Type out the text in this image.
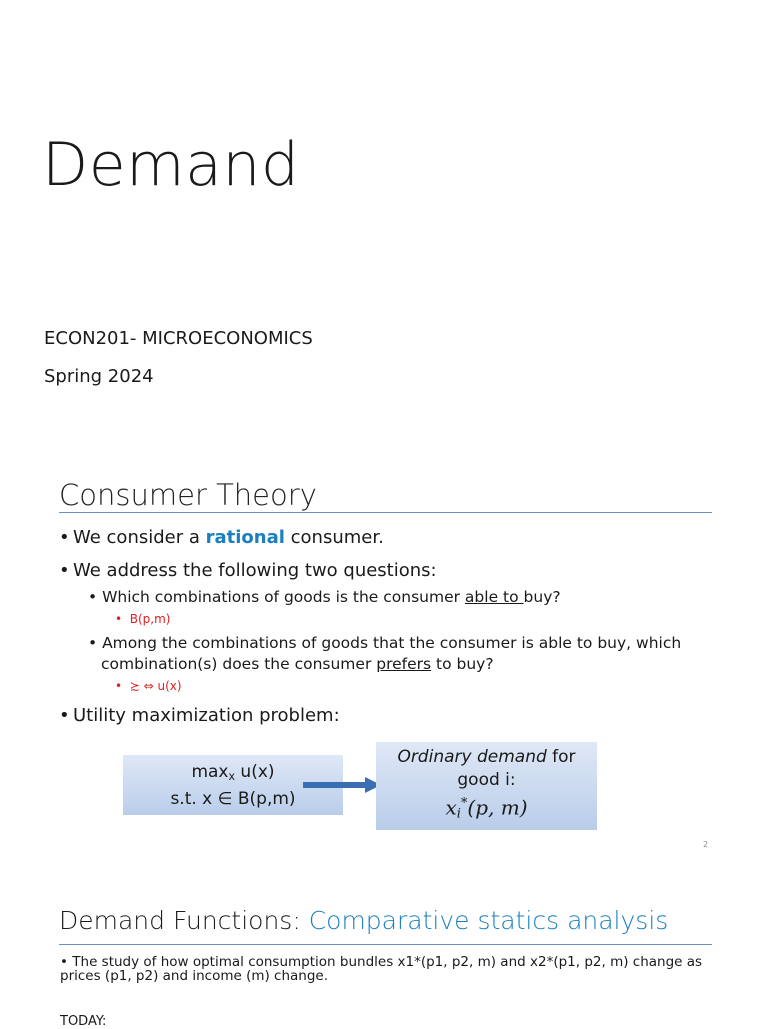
Demand
ECON201- MICROECONOMICS
Spring 2024
Consumer Theory
• We consider a rational consumer.
• We address the following two questions:
• Which combinations of goods is the consumer able to buy?
•  B(p,m)
• Among the combinations of goods that the consumer is able to buy, which combination(s) does the consumer prefers to buy?
•  ≿ ⇔ u(x)
• Utility maximization problem:
$\max_x u(x)$
s.t. x ∈ B(p,m)
Ordinary demand for
good i:
$x_i^*(p$, m)
2
Demand Functions: Comparative statics analysis
• The study of how optimal consumption bundles x1*(p1, p2, m) and x2*(p1, p2, m) change as prices (p1, p2) and income (m) change.
TODAY:
